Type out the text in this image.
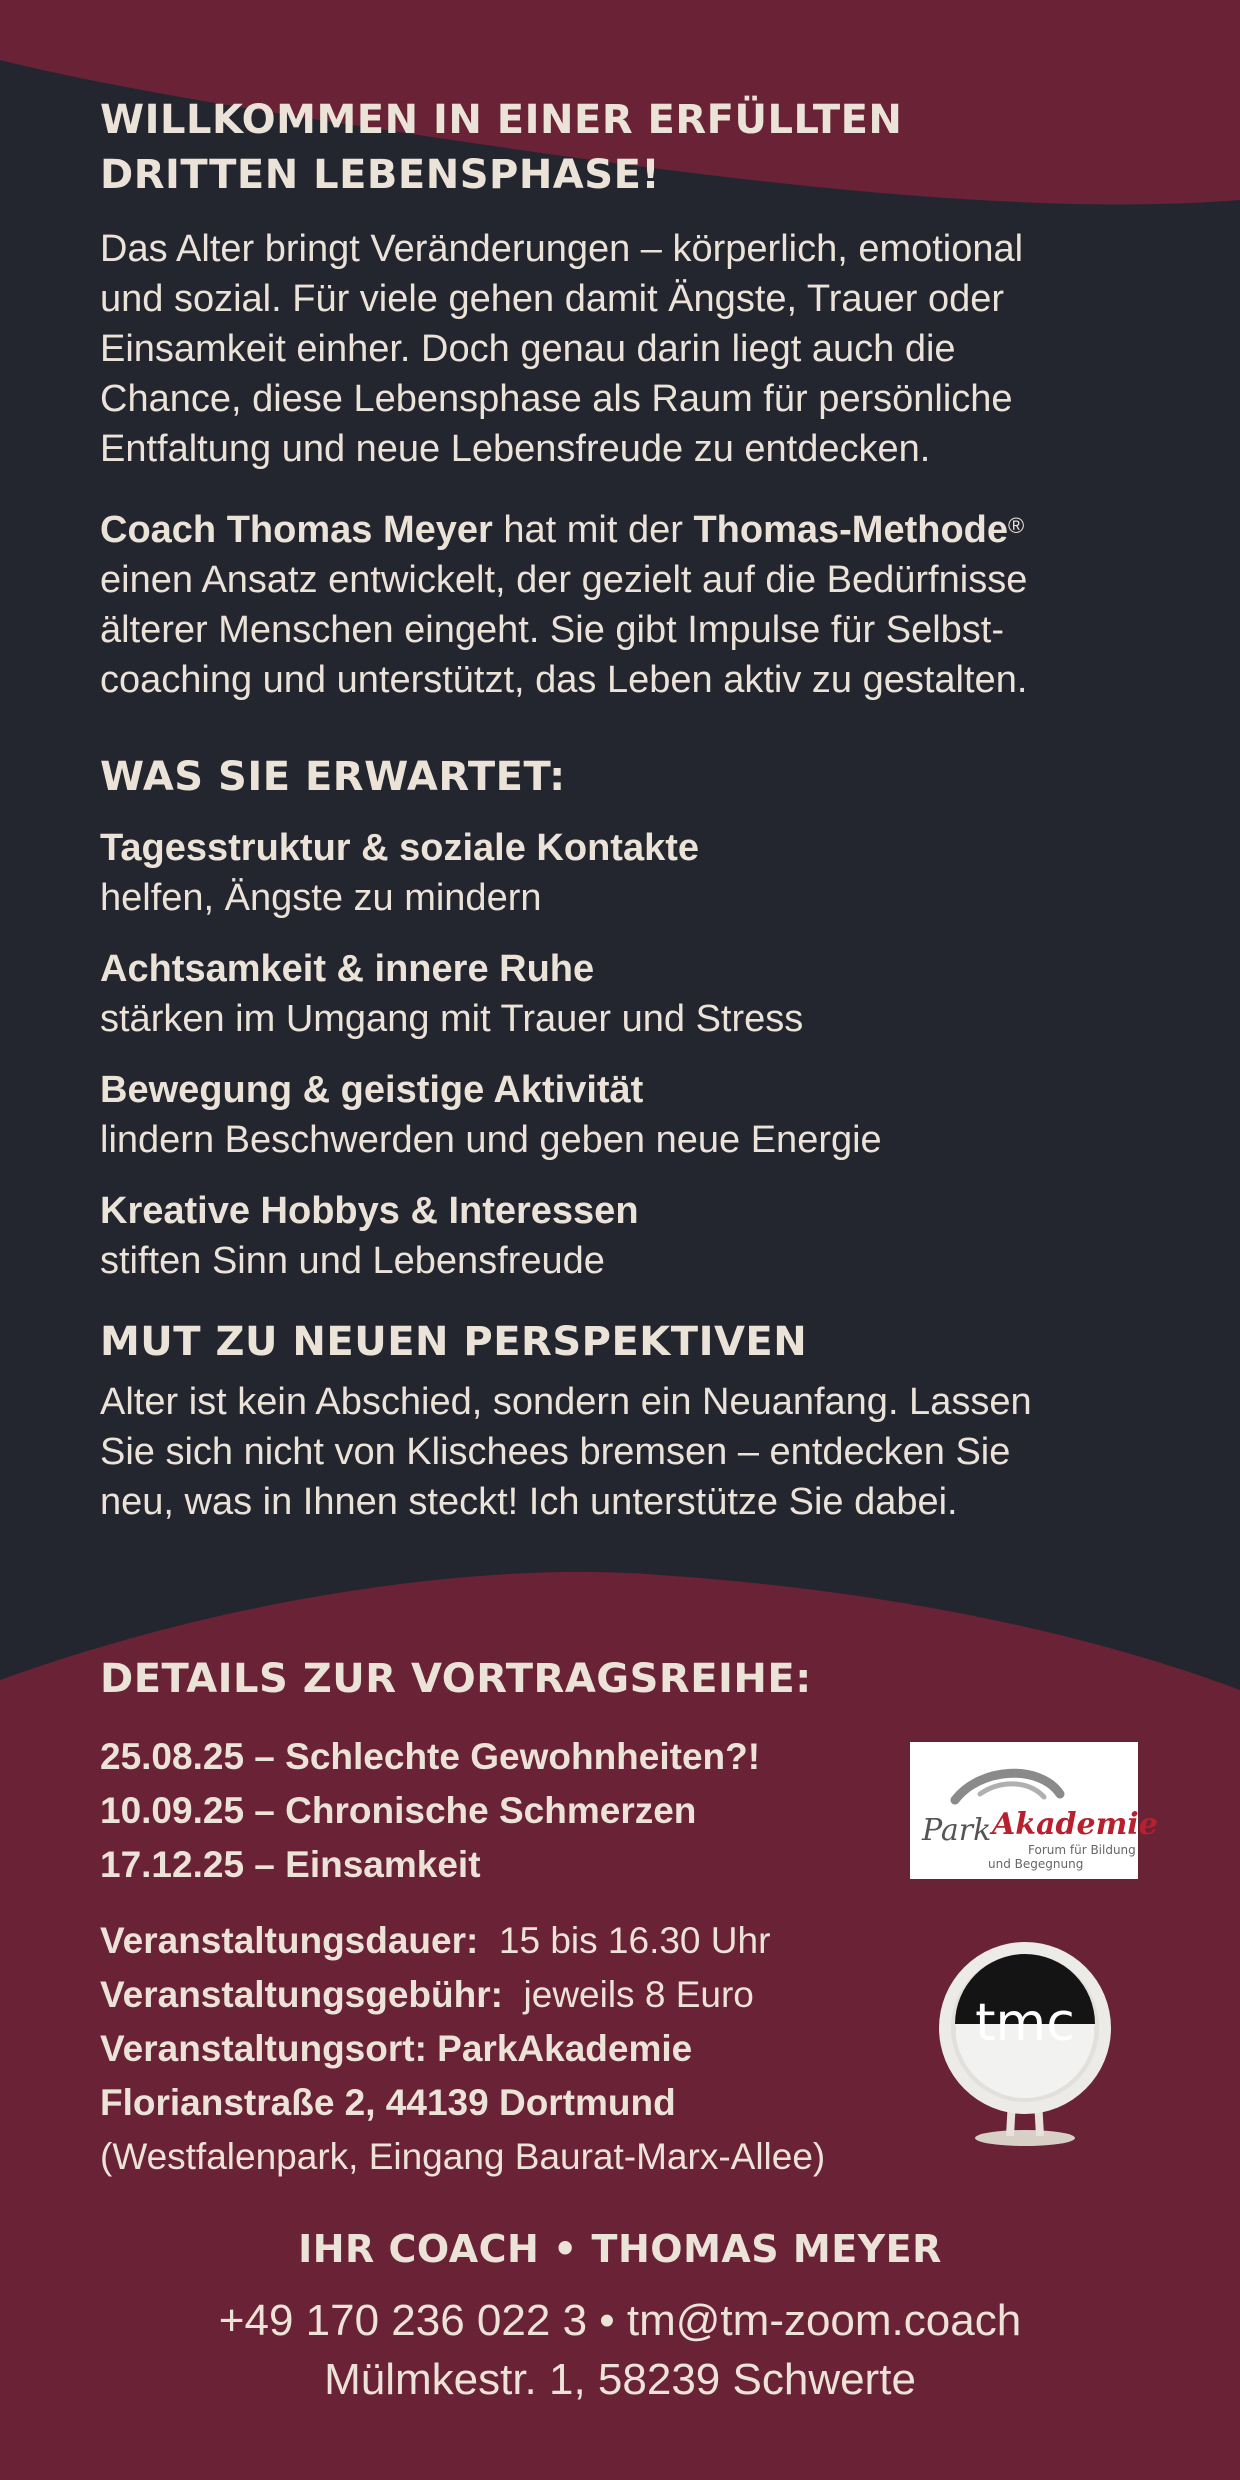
WILLKOMMEN IN EINER ERFÜLLTEN
DRITTEN LEBENSPHASE!
Das Alter bringt Veränderungen – körperlich, emotional
und sozial. Für viele gehen damit Ängste, Trauer oder
Einsamkeit einher. Doch genau darin liegt auch die
Chance, diese Lebensphase als Raum für persönliche
Entfaltung und neue Lebensfreude zu entdecken.
Coach Thomas Meyer hat mit der Thomas-Methode®
einen Ansatz entwickelt, der gezielt auf die Bedürfnisse
älterer Menschen eingeht. Sie gibt Impulse für Selbst-
coaching und unterstützt, das Leben aktiv zu gestalten.
WAS SIE ERWARTET:
Tagesstruktur & soziale Kontakte
helfen, Ängste zu mindern
Achtsamkeit & innere Ruhe
stärken im Umgang mit Trauer und Stress
Bewegung & geistige Aktivität
lindern Beschwerden und geben neue Energie
Kreative Hobbys & Interessen
stiften Sinn und Lebensfreude
MUT ZU NEUEN PERSPEKTIVEN
Alter ist kein Abschied, sondern ein Neuanfang. Lassen
Sie sich nicht von Klischees bremsen – entdecken Sie
neu, was in Ihnen steckt! Ich unterstütze Sie dabei.
DETAILS ZUR VORTRAGSREIHE:
25.08.25 – Schlechte Gewohnheiten?!
10.09.25 – Chronische Schmerzen
17.12.25 – Einsamkeit
Veranstaltungsdauer: 15 bis 16.30 Uhr
Veranstaltungsgebühr: jeweils 8 Euro
Veranstaltungsort: ParkAkademie
Florianstraße 2, 44139 Dortmund
(Westfalenpark, Eingang Baurat-Marx-Allee)
Park Akademie
Forum für Bildung
und Begegnung
tmc
IHR COACH • THOMAS MEYER
+49 170 236 022 3 • tm@tm-zoom.coach
Mülmkestr. 1, 58239 Schwerte
